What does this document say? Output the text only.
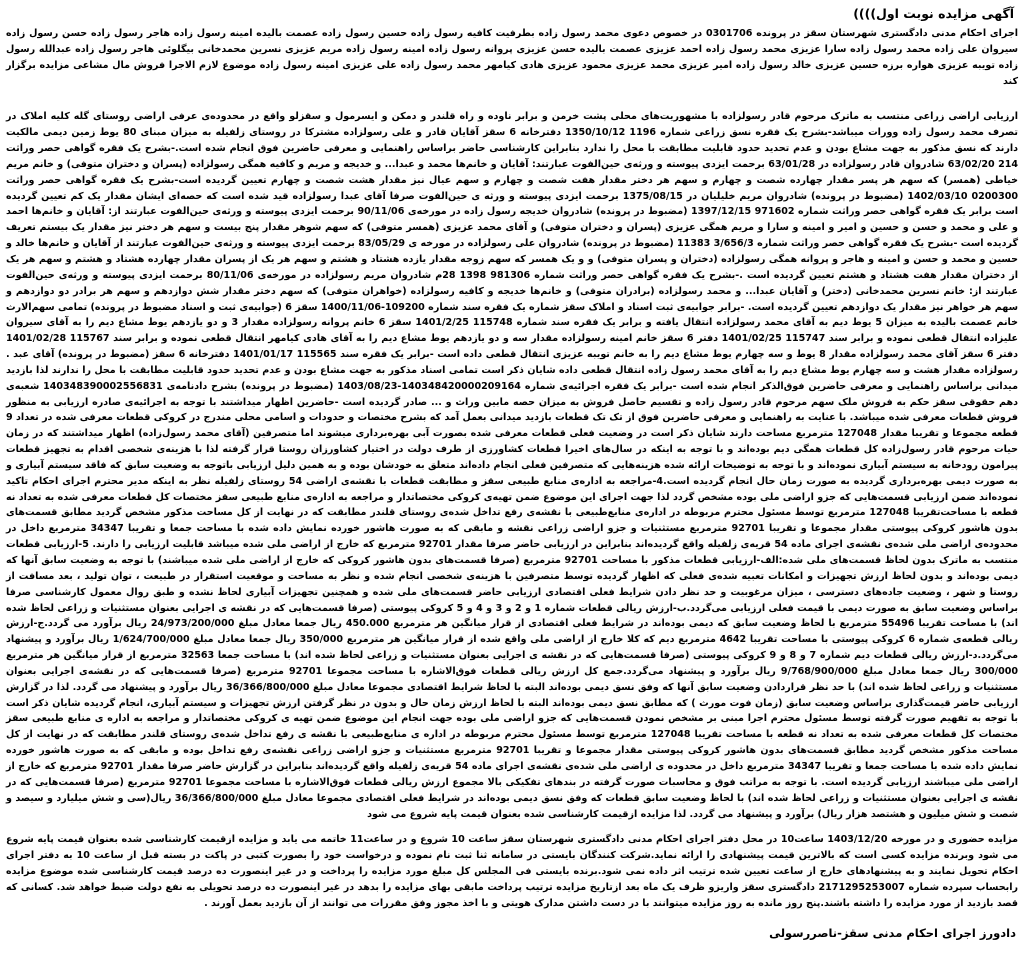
آگهی مزایده نوبت اول))))

اجرای احکام مدنی دادگستری شهرستان سقز در پرونده 0301706 در خصوص دعوی محمد رسول زاده بطرفیت کافیه رسول زاده حسین رسول زاده عصمت بالیده امینه رسول زاده هاجر رسول زاده حسن رسول زاده سیروان علی زاده محمد رسول زاده سارا عزیزی محمد رسول زاده احمد عزیزی عصمت بالیده حسن عزیزی پروانه رسول زاده امینه رسول زاده مریم عزیزی نسرین محمدخانی بیگلوئی هاجر رسول زاده عبدالله رسول زاده تویبه عزیزی هواره برزه حسین عزیزی خالد رسول زاده امیر عزیزی محمد عزیزی محمود عزیزی هادی کیامهر محمد رسول زاده علی عزیزی امینه رسول زاده موضوع لازم الاجرا فروش مال مشاعی مزایده برگزار کند

ارزیابی اراضی زراعی منتسب به ماترک مرحوم قادر رسولزاده با مشهوریت‌های محلی پشت خرمن و برابر ناوده و راه قلندر و دمکن و ایسرمول و سقزلو واقع در محدوده‌ی عرفی اراضی روستای گله کلیه املاک در تصرف محمد رسول زاده وورات میباشد-بشرح یک فقره نسق زراعی شماره 1196 1350/10/12 دفترخانه 6 سقز آقایان قادر و علی رسولزاده مشترکا در روستای زلفیله به میزان مبنای 80 یوط زمین دیمی مالکیت دارند که نسق مذکور به جهت مشاع بودن و عدم تحدید حدود قابلیت مطابقت با محل را ندارد بنابراین کارشناسی حاضر براساس راهنمایی و معرفی حاضرین فوق انجام شده است.-بشرح یک فقره گواهی حصر وراثت 214 63/02/20 شادروان قادر رسولزاده در 63/01/28 برحمت ایزدی پیوسته و ورثه‌ی حین‌الفوت عبارتند: آقایان و خانم‌ها محمد و عبدا... و خدیجه و مریم و کافیه همگی رسولزاده (پسران و دختران متوفی) و خانم مریم خیاطی (همسر) که سهم هر پسر مقدار چهارده شصت و چهارم و سهم هر دختر مقدار هفت شصت و چهارم و سهم عیال نیز مقدار هشت شصت و چهارم تعیین گردیده است-بشرح یک فقره گواهی حصر وراثت 0200300 1402/03/10 (مضبوط در پرونده) شادروان مریم خلیلیان در 1375/08/15 برحمت ایزدی پیوسته و ورثه ی حین‌الفوت صرفا آقای عبدا رسولزاده قید شده است که حصه‌ای ایشان مقدار یک کم تعیین گردیده است برابر یک فقره گواهی حصر وراثت شماره 971602 1397/12/15 (مضبوط در پرونده) شادروان خدیجه رسول زاده در مورخه‌ی 90/11/06 برحمت ایزدی پیوسته و ورثه‌ی حین‌الفوت عبارتند از: آقایان و خانم‌ها احمد و علی و محمد و حسن و حسین و امیر و امینه و سارا و مریم همگی عزیزی (پسران و دختران متوفی) و آقای محمد عزیزی (همسر متوفی) که سهم شوهر مقدار پنج بیست و سهم هر دختر نیز مقدار یک بیستم تعریف گردیده است -بشرح یک فقره گواهی حصر وراثت شماره 3/656/3 11383 (مضبوط در پرونده) شادروان علی رسولزاده در مورخه ی 83/05/29 برحمت ایزدی پیوسته و ورثه‌ی حین‌الفوت عبارتند از آقایان و خانم‌ها خالد و حسین و محمد و حسن و امینه و هاجر و پروانه همگی رسولزاده (دختران و پسران متوفی) و و یک همسر که سهم زوجه مقدار یازده هشتاد و هشتم و سهم هر یک از پسران مقدار چهارده هشتاد و هشتم و سهم هر یک از دختران مقدار هفت هشتاد و هشتم تعیین گردیده است .-بشرح یک فقره گواهی حصر وراثت شماره 981306 1398 28م شادروان مریم رسولزاده در مورخه‌ی 80/11/06 برحمت ایزدی پیوسته و ورثه‌ی حین‌الفوت عبارتند از: خانم نسرین محمدخانی (دختر) و آقایان عبدا... و محمد رسولزاده (برادران متوفی) و خانم‌ها خدیجه و کافیه رسولزاده (خواهران متوفی) که سهم دختر مقدار شش دوازدهم و سهم هر برادر دو دوازدهم و سهم هر خواهر نیز مقدار یک دوازدهم تعیین گردیده است. -برابر جوابیه‌ی ثبت اسناد و املاک سقز شماره یک فقره سند شماره 109200-1400/11/06 سقز 6 (جوابیه‌ی ثبت و اسناد مضبوط در پرونده) تمامی سهم‌الارث خانم عصمت بالیده به میزان 5 یوط دیم به آقای محمد رسولزاده انتقال یافته و برابر یک فقره سند شماره 115748 1401/2/25 سقز 6 خانم پروانه رسولزاده مقدار 3 و دو یازدهم یوط مشاع دیم را به آقای سیروان علیزاده انتقال قطعی نموده و برابر سند 115747 1401/02/25 دفتر 6 سقز خانم امینه رسولزاده مقدار سه و دو یازدهم یوط مشاع دیم را به آقای هادی کیامهر انتقال قطعی نموده و برابر سند 115767 1401/02/28 دفتر 6 سقز آقای محمد رسولزاده مقدار 8 یوط و سه چهارم یوط مشاع دیم را به خانم تویبه عزیزی انتقال قطعی داده است -برابر یک فقره سند 115565 1401/01/17 دفترخانه 6 سقز (مضبوط در پرونده) آقای عبد . رسولزاده مقدار هشت و سه چهارم یوط مشاع دیم را به آقای محمد رسول زاده انتقال قطعی داده شایان ذکر است تمامی اسناد مذکور به جهت مشاع بودن و عدم تحدید حدود قابلیت مطابقت با محل را ندارند لذا بازدید میدانی براساس راهنمایی و معرفی حاضرین فوق‌الذکر انجام شده است -برابر یک فقره اجرائیه‌ی شماره 140348420000209164-1403/08/23 (مضبوط در پرونده) بشرح دادنامه‌ی 140348390002556831 شعبه‌ی دهم حقوقی سقز حکم به فروش ملک سهم مرحوم قادر رسول زاده و تقسیم حاصل فروش به میزان حصه مابین وراث و ... صادر گردیده است -حاضرین اظهار میداشتند با توجه به اجرائیه‌ی صادره ارزیابی به منظور فروش قطعات معرفی شده میباشد. با عنایت به راهنمایی و معرفی حاضرین فوق از تک تک قطعات بازدید میدانی بعمل آمد که بشرح مختصات و حدودات و اسامی محلی مندرج در کروکی قطعات معرفی شده در تعداد 9 قطعه مجموعا و تقریبا مقدار 127048 مترمربع مساحت دارند شایان ذکر است در وضعیت فعلی قطعات معرفی شده بصورت آبی بهره‌برداری میشوند اما متصرفین (آقای محمد رسول‌زاده) اظهار میداشتند که در زمان حیات مرحوم قادر رسول‌زاده کل قطعات همگی دیم بوده‌اند و با توجه به اینکه در سال‌های اخیرا قطعات کشاورزی از طرف دولت در اختیار کشاورزان روستا قرار گرفته لذا با هزینه‌ی شخصی اقدام به تجهیز قطعات پیرامون رودخانه به سیستم آبیاری نموده‌اند و با توجه به توضیحات ارائه شده هزینه‌هایی که متصرفین فعلی انجام داده‌اند متعلق به خودشان بوده و به همین دلیل ارزیابی باتوجه به وضعیت سابق که فاقد سیستم آبیاری و به صورت دیمی بهره‌برداری گردیده به صورت زمان حال انجام گردیده است.4-مراجعه به اداره‌ی منابع طبیعی سقز و مطابقت قطعات با نقشه‌ی اراضی 54 روستای زلفیله‌ نظر به اینکه مدیر محترم اجرای احکام تاکید نموده‌اند ضمن ارزیابی قسمت‌هایی که جزو اراضی ملی بوده مشخص گردد لذا جهت اجرای این موضوع ضمن تهیه‌ی کروکی مختصاتدار و مراجعه به اداره‌ی منابع طبیعی سقز مختصات کل قطعات معرفی شده به تعداد نه قطعه با مساحت‌تقریبا 127048 مترمربع توسط مسئول محترم مربوطه در اداره‌ی منابع‌طبیعی با نقشه‌ی رفع تداخل شده‌ی روستای قلندر مطابقت که در نهایت از کل مساحت مذکور مشخص گردید مطابق قسمت‌های بدون هاشور کروکی پیوستی مقدار مجموعا و تقریبا 92701 مترمربع مستثنیات و جزو اراضی زراعی نقشه و مابقی که به صورت هاشور خورده نمایش داده شده با مساحت جمعا و تقریبا 34347 مترمربع داخل در محدوده‌ی اراضی ملی شده‌ی نقشه‌ی اجرای ماده 54 قریه‌ی زلفیله واقع گردیده‌اند بنابراین در ارزیابی حاضر صرفا مقدار 92701 مترمربع که خارج از اراضی ملی شده میباشد قابلیت ارزیابی را دارند. 5-ارزیابی قطعات منتسب به ماترک بدون لحاظ قسمت‌های ملی شده:الف-ارزیابی قطعات مذکور با مساحت 92701 مترمربع (صرفا قسمت‌های بدون هاشور کروکی که خارج از اراضی ملی شده میباشند) با توجه به وضعیت سابق آنها که دیمی بوده‌اند و بدون لحاظ ارزش تجهیزات و امکانات تعبیه شده‌ی فعلی که اظهار گردیده توسط متصرفین با هزینه‌ی شخصی انجام شده و نظر به مساحت و موقعیت استقرار در طبیعت ، توان تولید ، بعد مسافت از روستا و شهر ، وضعیت جاده‌های دسترسی ، میزان مرغوبیت و حد نظر دادن شرایط فعلی اقتصادی ارزیابی حاضر قسمت‌های ملی شده و همچنین تجهیزات آبیاری لحاظ نشده و طبق روال معمول کارشناسی صرفا براساس وضعیت سابق به صورت دیمی با قیمت فعلی ارزیابی می‌گردد.ب-ارزش ریالی قطعات شماره 1 و 2 و 3 و 4 و 5 کروکی پیوستی (صرفا قسمت‌هایی که در نقشه ی اجرایی بعنوان مستثنیات و زراعی لحاظ شده اند) با مساحت تقریبا 55496 مترمربع با لحاظ وضعیت سابق که دیمی بوده‌اند در شرایط فعلی اقتصادی از قرار میانگین هر مترمربع 450.000 ریال جمعا معادل مبلغ 24/973/200/000 ریال برآورد می گردد.ج-ارزش ریالی قطعه‌ی شماره 6 کروکی پیوستی با مساحت تقریبا 4642 مترمربع دیم که کلا خارج از اراضی ملی واقع شده از قرار میانگین هر مترمربع 350/000 ریال جمعا معادل مبلغ 1/624/700/000 ریال برآورد و پیشنهاد می‌گردد.د-ارزش ریالی قطعات دیم شماره 7 و 8 و 9 کروکی پیوستی (صرفا قسمت‌هایی که در نقشه ی اجرایی بعنوان مستثنیات و زراعی لحاظ شده اند) با مساحت جمعا 32563 مترمربع از قرار میانگین هر مترمربع 300/000 ریال جمعا معادل مبلغ 9/768/900/000 ریال برآورد و پیشنهاد می‌گردد.جمع کل ارزش ریالی قطعات فوق‌الاشاره با مساحت مجموعا 92701 مترمربع (صرفا قسمت‌هایی که در نقشه‌ی اجرایی بعنوان مستثنیات و زراعی لحاظ شده اند) با حد نظر قراردادن وضعیت سابق آنها که وفق نسق دیمی بوده‌اند البته با لحاظ شرایط اقتصادی مجموعا معادل مبلغ 36/366/800/000 ریال برآورد و پیشنهاد می گردد. لذا در گزارش ارزیابی حاضر قیمت‌گذاری براساس وضعیت سابق (زمان فوت مورث ) که مطابق نسق دیمی بوده‌اند البته با لحاظ ارزش زمان حال و بدون در نظر گرفتن ارزش تجهیزات و سیستم آبیاری، انجام گردیده شایان ذکر است با توجه به تفهیم صورت گرفته توسط مسئول محترم اجرا مبنی بر مشخص نمودن قسمت‌هایی که جزو اراضی ملی بوده جهت انجام این موضوع ضمن تهیه ی کروکی مختصاتدار و مراجعه به اداره ی منابع طبیعی سقز مختصات کل قطعات معرفی شده به تعداد نه قطعه با مساحت تقریبا 127048 مترمربع توسط مسئول محترم مربوطه در اداره ی منابع‌طبیعی با نقشه ی رفع تداخل شده‌ی روستای قلندر مطابقت که در نهایت از کل مساحت مذکور مشخص گردید مطابق قسمت‌های بدون هاشور کروکی پیوستی مقدار مجموعا و تقریبا 92701 مترمربع مستثنیات و جزو اراضی زراعی نقشه‌ی رفع تداخل بوده و مابقی که به صورت هاشور خورده نمایش داده شده با مساحت جمعا و تقریبا 34347 مترمربع داخل در محدوده ی اراضی ملی شده‌ی نقشه‌ی اجرای ماده 54 قریه‌ی زلفیله واقع گردیده‌اند بنابراین در گزارش حاضر صرفا مقدار 92701 مترمربع که خارج از اراضی ملی میباشند ارزیابی گردیده است. با توجه به مراتب فوق و محاسبات صورت گرفته در بندهای تفکیکی بالا مجموع ارزش ریالی قطعات فوق‌الاشاره با مساحت مجموعا 92701 مترمربع (صرفا قسمت‌هایی که در نقشه ی اجرایی بعنوان مستثنیات و زراعی لحاظ شده اند) با لحاظ وضعیت سابق قطعات که وفق نسق دیمی بوده‌اند در شرایط فعلی اقتصادی مجموعا معادل مبلغ 36/366/800/000 ریال(سی و شش میلیارد و سیصد و شصت و شش میلیون و هشتصد هزار ریال) برآورد و پیشنهاد می گردد. لذا مزایده ازقیمت کارشناسی شده بعنوان قیمت پایه شروع می شود

مزایده حضوری و در مورخه 1403/12/20 ساعت10 در محل دفتر اجرای احکام مدنی دادگستری شهرستان سقز ساعت 10 شروع و در ساعت11 خاتمه می یابد و مزایده ازقیمت کارشناسی شده بعنوان قیمت پایه شروع می شود وبرنده مزایده کسی است که بالاترین قیمت پیشنهادی را ارائه نماید.شرکت کنندگان بایستی در سامانه ثنا ثبت نام نموده و درخواست خود را بصورت کتبی در پاکت در بسته قبل از ساعت 10 به دفتر اجرای احکام تحویل نمایند و به پیشنهادهای خارج از ساعت تعیین شده ترتیب اثر داده نمی شود.برنده بایستی فی المجلس کل مبلغ مورد مزایده را پرداخت و در غیر اینصورت ده درصد قیمت کارشناسی شده موضوع مزایده رابحساب سپرده شماره 2171295253007 دادگستری سقز واریزو ظرف یک ماه بعد ازتاریخ مزایده ترتیب پرداخت مابقی بهای مزایده را بدهد در غیر اینصورت ده درصد تحویلی به نفع دولت ضبط خواهد شد. کسانی که قصد بازدید از مورد مزایده را داشته باشند.پنج روز مانده به روز مزایده میتوانند با در دست داشتن مدارک هویتی و با اخذ مجوز وفق مقررات می توانند از آن بازدید بعمل آورند .

دادورز اجرای احکام مدنی سقز-ناصررسولی
